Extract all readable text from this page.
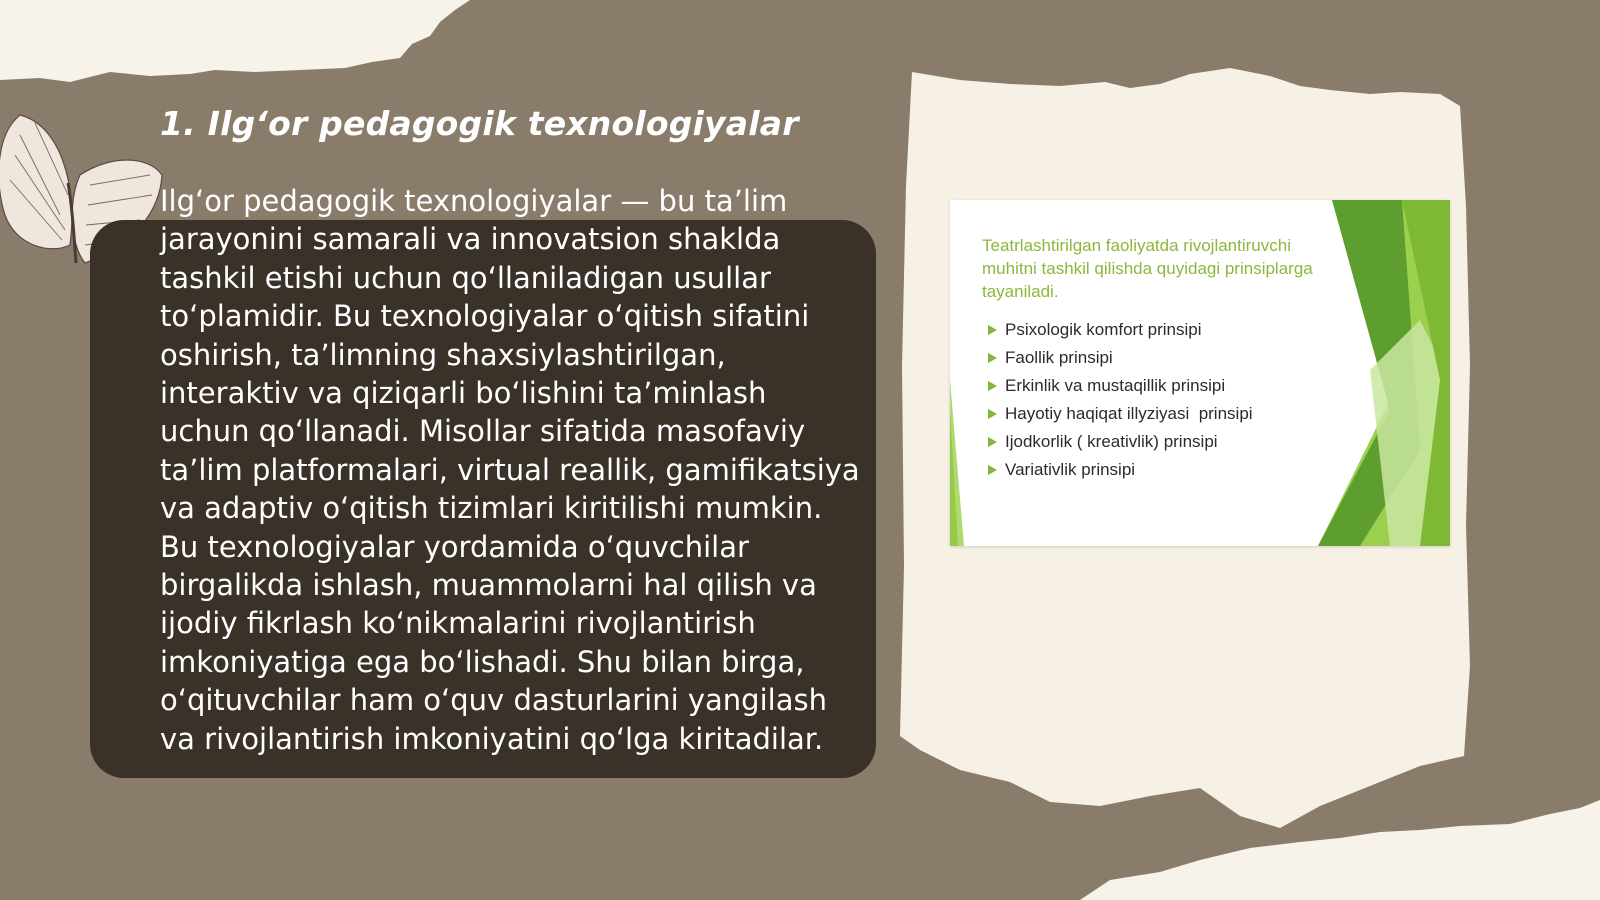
1. Ilg‘or pedagogik texnologiyalar

Ilg‘or pedagogik texnologiyalar — bu ta’lim jarayonini samarali va innovatsion shaklda tashkil etishi uchun qo‘llaniladigan usullar to‘plamidir. Bu texnologiyalar o‘qitish sifatini oshirish, ta’limning shaxsiylashtirilgan, interaktiv va qiziqarli bo‘lishini ta’minlash uchun qo‘llanadi. Misollar sifatida masofaviy ta’lim platformalari, virtual reallik, gamifikatsiya va adaptiv o‘qitish tizimlari kiritilishi mumkin. Bu texnologiyalar yordamida o‘quvchilar birgalikda ishlash, muammolarni hal qilish va ijodiy fikrlash ko‘nikmalarini rivojlantirish imkoniyatiga ega bo‘lishadi. Shu bilan birga, o‘qituvchilar ham o‘quv dasturlarini yangilash va rivojlantirish imkoniyatini qo‘lga kiritadilar.

Teatrlashtirilgan faoliyatda rivojlantiruvchi muhitni tashkil qilishda quyidagi prinsiplarga tayaniladi.

Psixologik komfort prinsipi
Faollik prinsipi
Erkinlik va mustaqillik prinsipi
Hayotiy haqiqat illyziyasi  prinsipi
Ijodkorlik ( kreativlik) prinsipi
Variativlik prinsipi
